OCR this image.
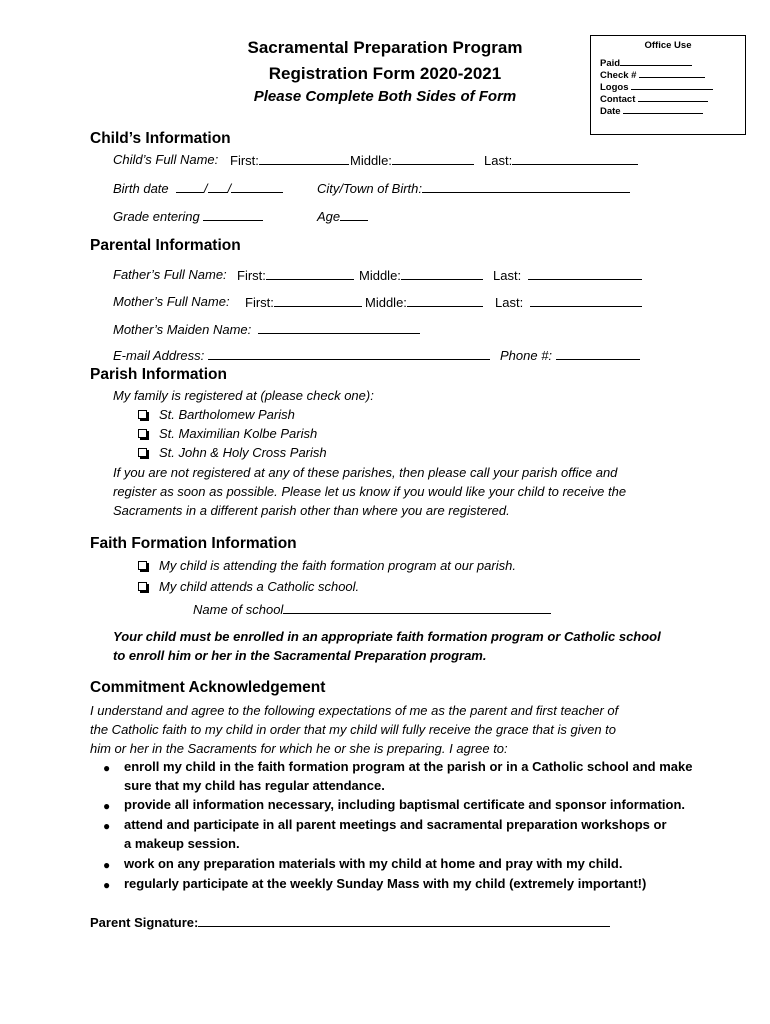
Sacramental Preparation Program
Registration Form 2020-2021
Please Complete Both Sides of Form
Office Use
Paid
Check #
Logos
Contact
Date
Child’s Information
Child’s Full Name: First:	Middle:	Last:
Birth date	/ /	City/Town of Birth:
Grade entering	Age
Parental Information
Father’s Full Name: First:	Middle:	Last:
Mother’s Full Name: First:	Middle:	Last:
Mother’s Maiden Name:
E-mail Address:	Phone #:
Parish Information
My family is registered at (please check one):
St. Bartholomew Parish
St. Maximilian Kolbe Parish
St. John & Holy Cross Parish
If you are not registered at any of these parishes, then please call your parish office and
register as soon as possible. Please let us know if you would like your child to receive the
Sacraments in a different parish other than where you are registered.
Faith Formation Information
My child is attending the faith formation program at our parish.
My child attends a Catholic school.
Name of school
Your child must be enrolled in an appropriate faith formation program or Catholic school
to enroll him or her in the Sacramental Preparation program.
Commitment Acknowledgement
I understand and agree to the following expectations of me as the parent and first teacher of
the Catholic faith to my child in order that my child will fully receive the grace that is given to
him or her in the Sacraments for which he or she is preparing. I agree to:
● enroll my child in the faith formation program at the parish or in a Catholic school and make
sure that my child has regular attendance.
● provide all information necessary, including baptismal certificate and sponsor information.
● attend and participate in all parent meetings and sacramental preparation workshops or
a makeup session.
● work on any preparation materials with my child at home and pray with my child.
● regularly participate at the weekly Sunday Mass with my child (extremely important!)
Parent Signature:
